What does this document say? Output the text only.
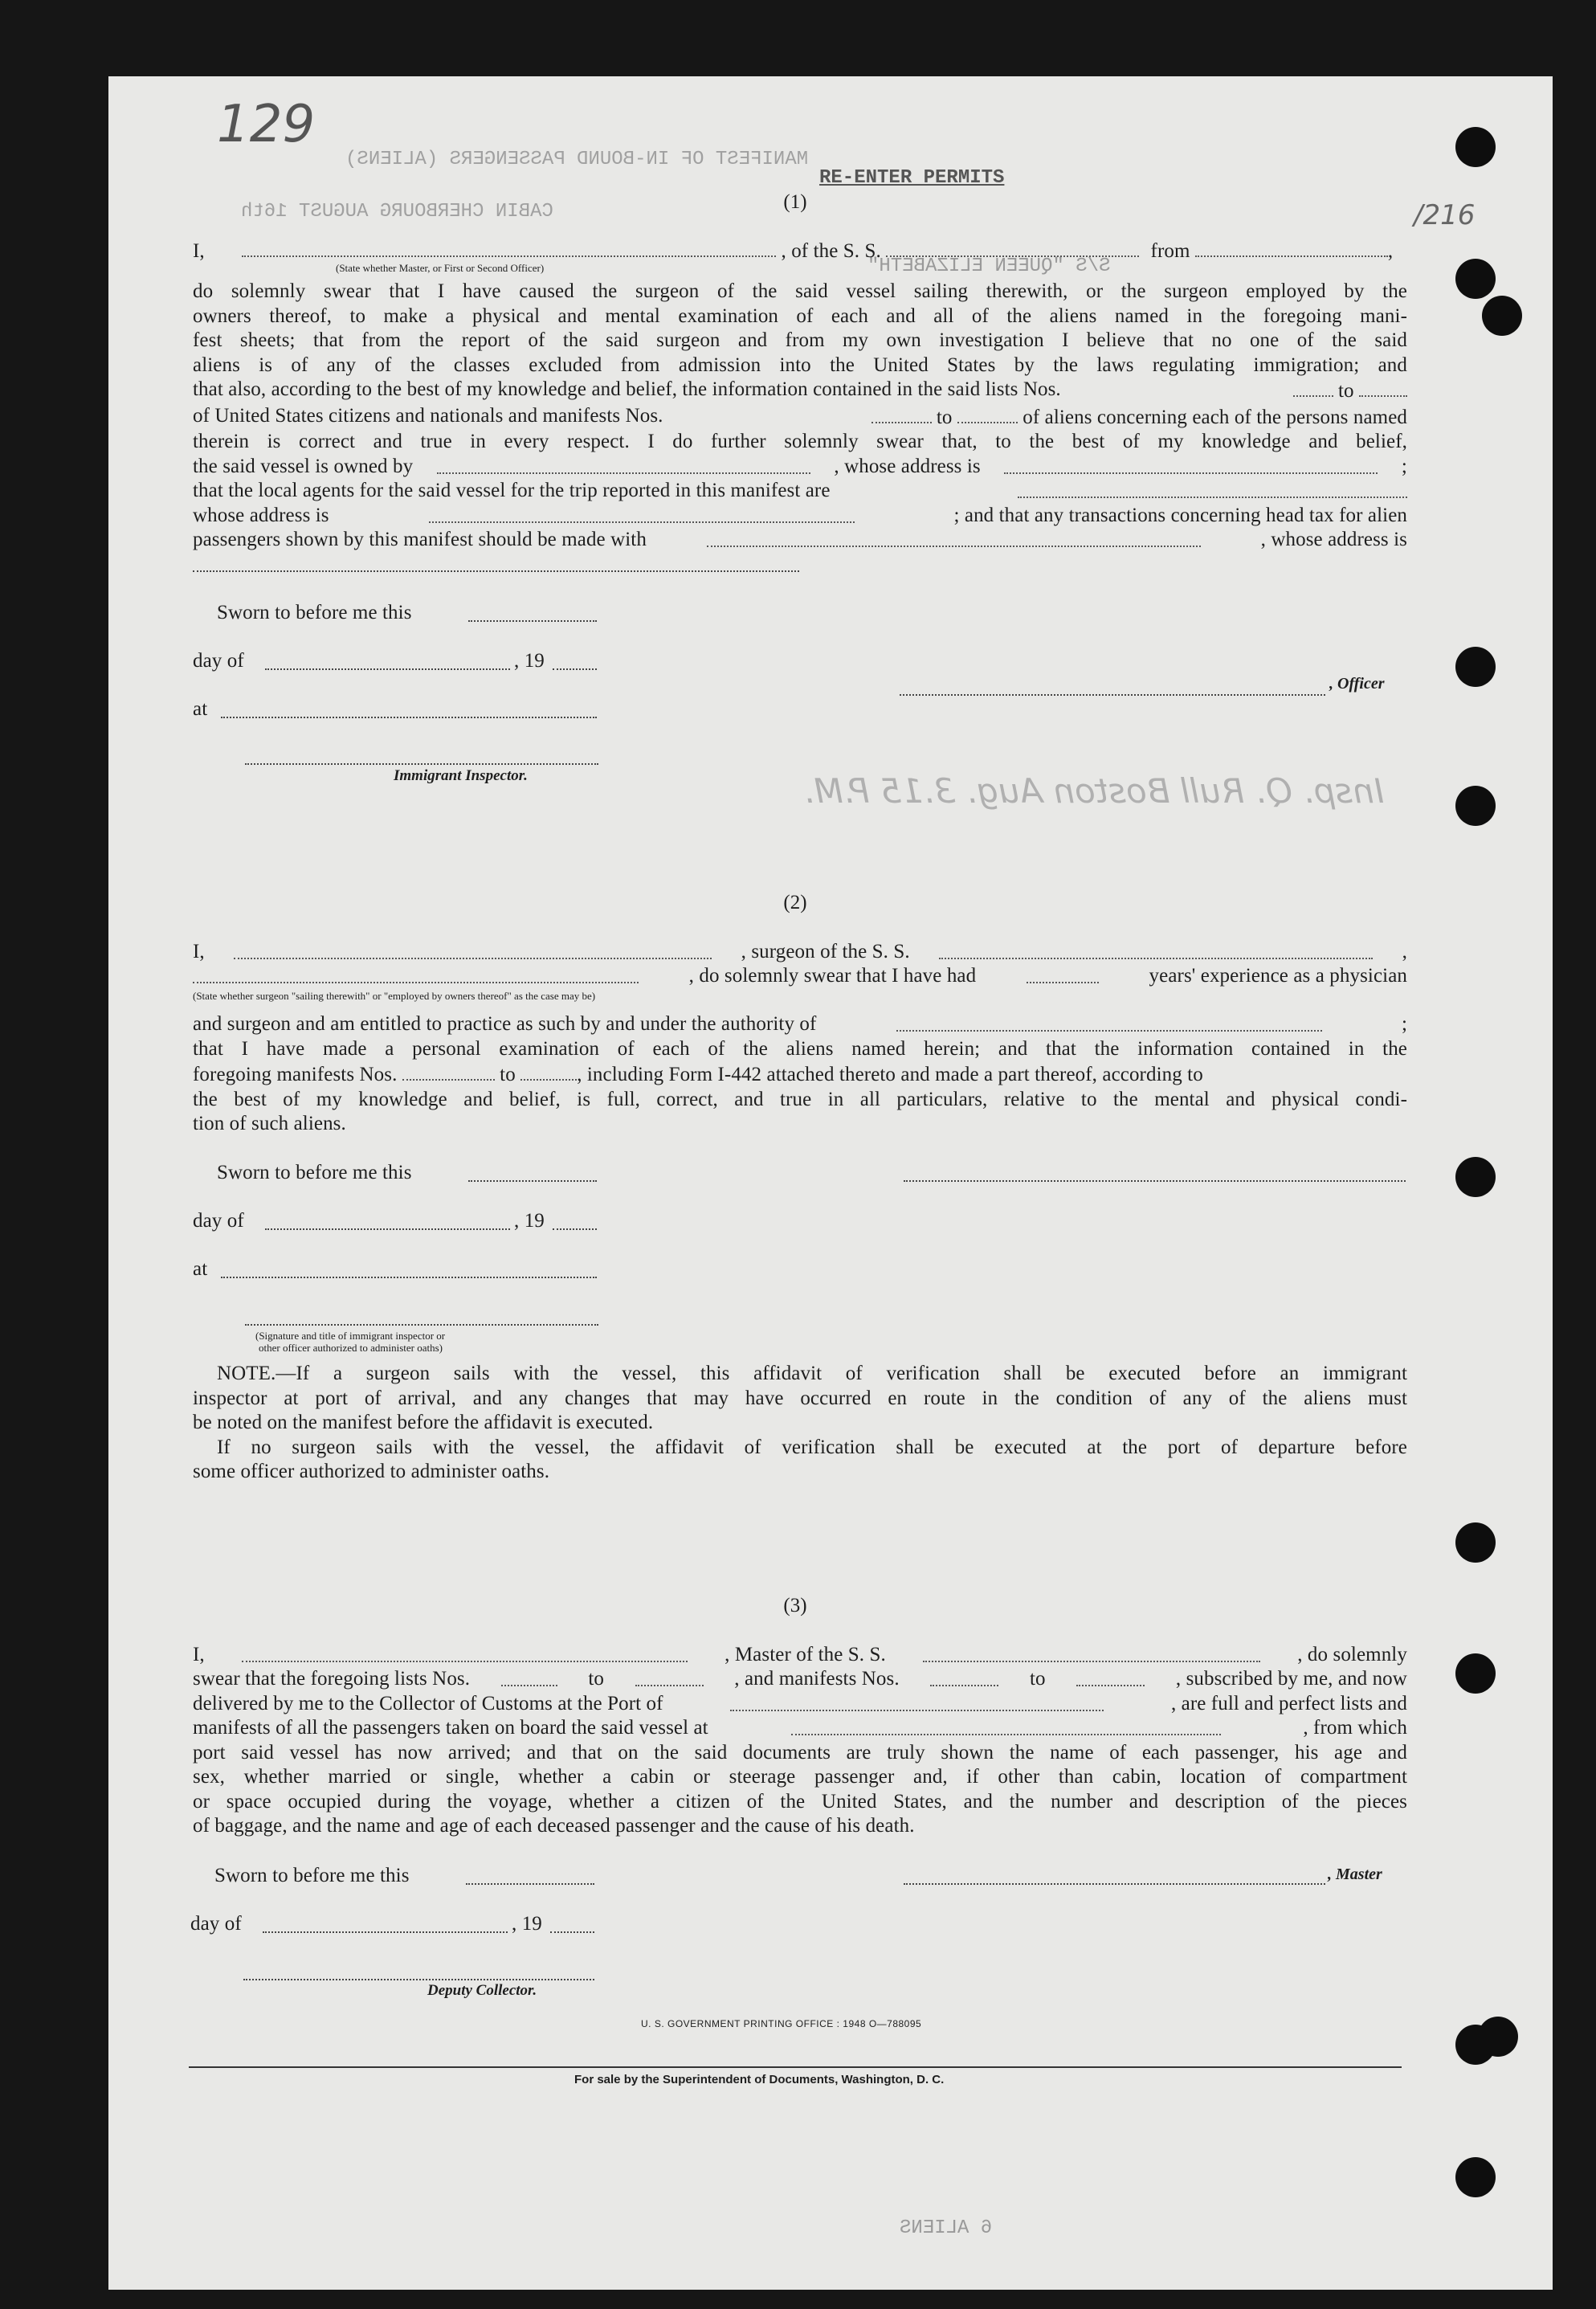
129
/216
RE-ENTER PERMITS
MANIFEST OF IN-BOUND PASSENGERS (ALIENS)
CABIN CHERBOURG AUGUST 16th
S/S "QUEEN ELIZABETH"
6 ALIENS
Insp. Q. Rull Boston Aug. 3.15 P.M.
(1)
I,	, of the S. S.	from	,
(State whether Master, or First or Second Officer)
do solemnly swear that I have caused the surgeon of the said vessel sailing therewith, or the surgeon employed by the
owners thereof, to make a physical and mental examination of each and all of the aliens named in the foregoing mani-
fest sheets; that from the report of the said surgeon and from my own investigation I believe that no one of the said
aliens is of any of the classes excluded from admission into the United States by the laws regulating immigration; and
that also, according to the best of my knowledge and belief, the information contained in the said lists Nos.	to
of United States citizens and nationals and manifests Nos.	to	of aliens concerning each of the persons named
therein is correct and true in every respect. I do further solemnly swear that, to the best of my knowledge and belief,
the said vessel is owned by	, whose address is	;
that the local agents for the said vessel for the trip reported in this manifest are
whose address is	; and that any transactions concerning head tax for alien
passengers shown by this manifest should be made with	, whose address is
Sworn to before me this
day of	, 19
at
, Officer
Immigrant Inspector.
(2)
I,	, surgeon of the S. S.	,
, do solemnly swear that I have had	years' experience as a physician
(State whether surgeon "sailing therewith" or "employed by owners thereof" as the case may be)
and surgeon and am entitled to practice as such by and under the authority of	;
that I have made a personal examination of each of the aliens named herein; and that the information contained in the
foregoing manifests Nos.	to	, including Form I-442 attached thereto and made a part thereof, according to
the best of my knowledge and belief, is full, correct, and true in all particulars, relative to the mental and physical condi-
tion of such aliens.
Sworn to before me this
day of	, 19
at
(Signature and title of immigrant inspector or
other officer authorized to administer oaths)
NOTE.—If a surgeon sails with the vessel, this affidavit of verification shall be executed before an immigrant
inspector at port of arrival, and any changes that may have occurred en route in the condition of any of the aliens must
be noted on the manifest before the affidavit is executed.
If no surgeon sails with the vessel, the affidavit of verification shall be executed at the port of departure before
some officer authorized to administer oaths.
(3)
I,	, Master of the S. S.	, do solemnly
swear that the foregoing lists Nos.	to	, and manifests Nos.	to	, subscribed by me, and now
delivered by me to the Collector of Customs at the Port of	, are full and perfect lists and
manifests of all the passengers taken on board the said vessel at	, from which
port said vessel has now arrived; and that on the said documents are truly shown the name of each passenger, his age and
sex, whether married or single, whether a cabin or steerage passenger and, if other than cabin, location of compartment
or space occupied during the voyage, whether a citizen of the United States, and the number and description of the pieces
of baggage, and the name and age of each deceased passenger and the cause of his death.
Sworn to before me this	, Master
day of	, 19
Deputy Collector.
U. S. GOVERNMENT PRINTING OFFICE : 1948 O—788095
For sale by the Superintendent of Documents, Washington, D. C.
